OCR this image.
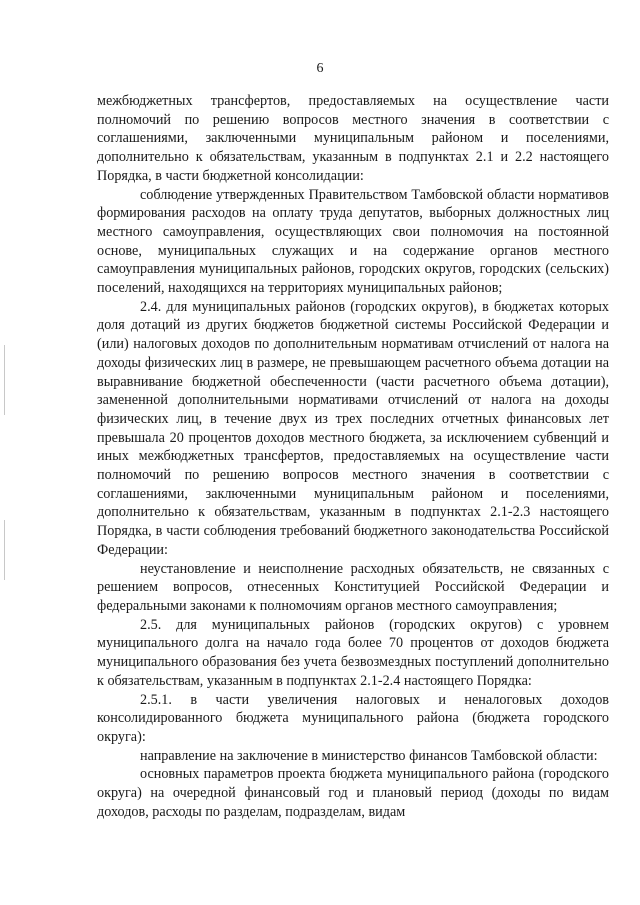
6

межбюджетных трансфертов, предоставляемых на осуществление части полномочий по решению вопросов местного значения в соответствии с соглашениями, заключенными муниципальным районом и поселениями, дополнительно к обязательствам, указанным в подпунктах 2.1 и 2.2 настоящего Порядка, в части бюджетной консолидации:

соблюдение утвержденных Правительством Тамбовской области нормативов формирования расходов на оплату труда депутатов, выборных должностных лиц местного самоуправления, осуществляющих свои полномочия на постоянной основе, муниципальных служащих и на содержание органов местного самоуправления муниципальных районов, городских округов, городских (сельских) поселений, находящихся на территориях муниципальных районов;

2.4. для муниципальных районов (городских округов), в бюджетах которых доля дотаций из других бюджетов бюджетной системы Российской Федерации и (или) налоговых доходов по дополнительным нормативам отчислений от налога на доходы физических лиц в размере, не превышающем расчетного объема дотации на выравнивание бюджетной обеспеченности (части расчетного объема дотации), замененной дополнительными нормативами отчислений от налога на доходы физических лиц, в течение двух из трех последних отчетных финансовых лет превышала 20 процентов доходов местного бюджета, за исключением субвенций и иных межбюджетных трансфертов, предоставляемых на осуществление части полномочий по решению вопросов местного значения в соответствии с соглашениями, заключенными муниципальным районом и поселениями, дополнительно к обязательствам, указанным в подпунктах 2.1-2.3 настоящего Порядка, в части соблюдения требований бюджетного законодательства Российской Федерации:

неустановление и неисполнение расходных обязательств, не связанных с решением вопросов, отнесенных Конституцией Российской Федерации и федеральными законами к полномочиям органов местного самоуправления;

2.5. для муниципальных районов (городских округов) с уровнем муниципального долга на начало года более 70 процентов от доходов бюджета муниципального образования без учета безвозмездных поступлений дополнительно к обязательствам, указанным в подпунктах 2.1-2.4 настоящего Порядка:

2.5.1. в части увеличения налоговых и неналоговых доходов консолидированного бюджета муниципального района (бюджета городского округа):

направление на заключение в министерство финансов Тамбовской области:

основных параметров проекта бюджета муниципального района (городского округа) на очередной финансовый год и плановый период (доходы по видам доходов, расходы по разделам, подразделам, видам
